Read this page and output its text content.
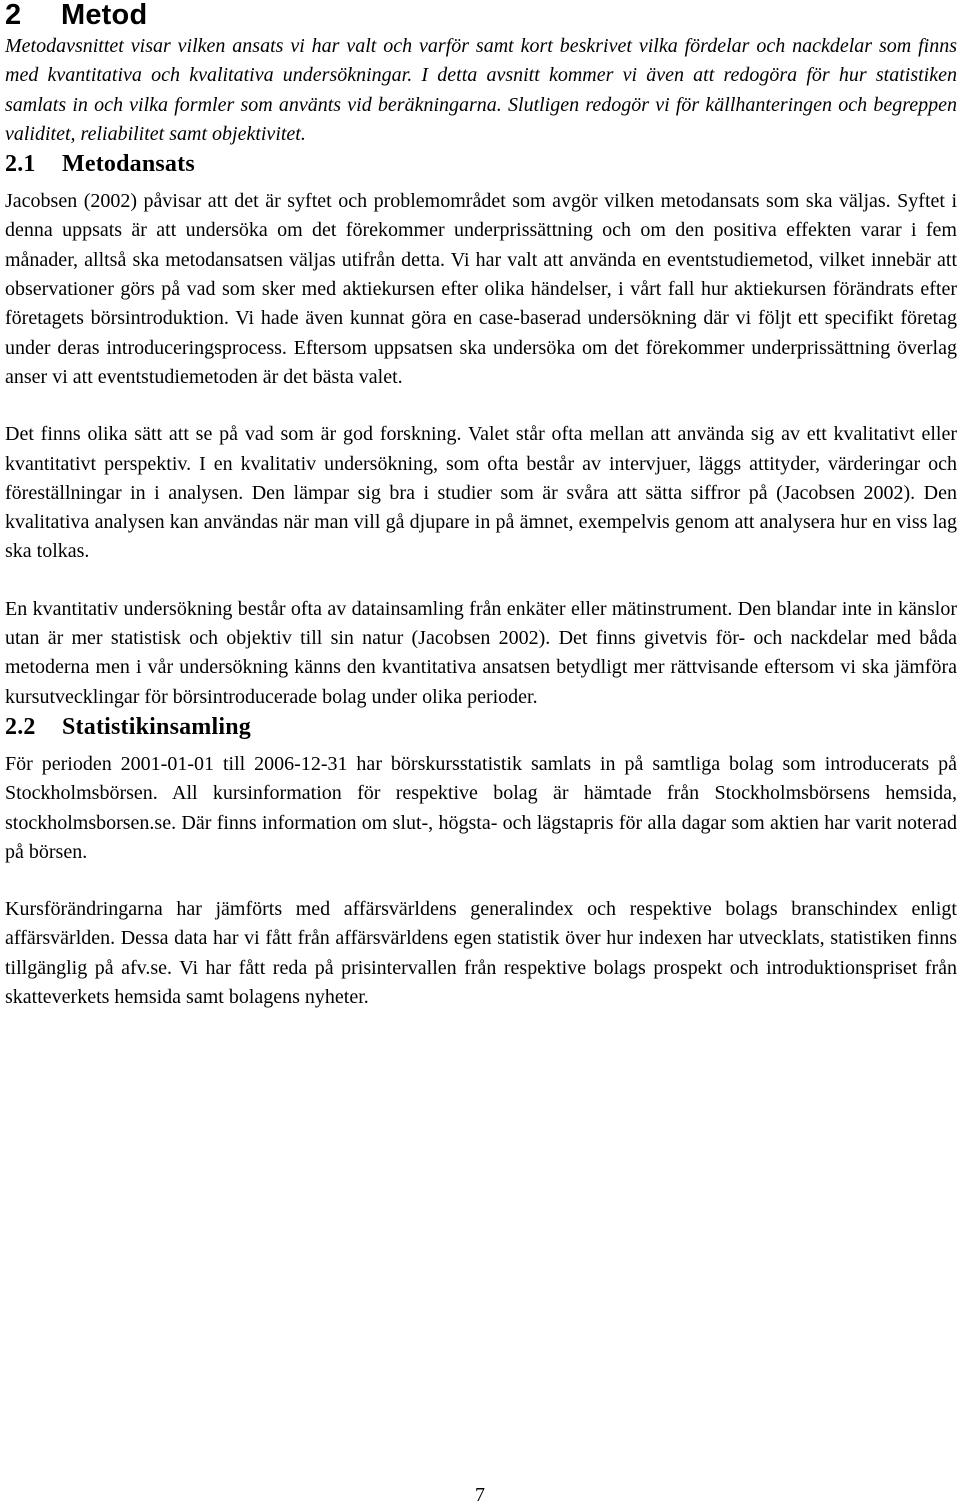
2 Metod

Metodavsnittet visar vilken ansats vi har valt och varför samt kort beskrivet vilka fördelar och nackdelar som finns med kvantitativa och kvalitativa undersökningar. I detta avsnitt kommer vi även att redogöra för hur statistiken samlats in och vilka formler som använts vid beräkningarna. Slutligen redogör vi för källhanteringen och begreppen validitet, reliabilitet samt objektivitet.

2.1 Metodansats

Jacobsen (2002) påvisar att det är syftet och problemområdet som avgör vilken metodansats som ska väljas. Syftet i denna uppsats är att undersöka om det förekommer underprissättning och om den positiva effekten varar i fem månader, alltså ska metodansatsen väljas utifrån detta. Vi har valt att använda en eventstudiemetod, vilket innebär att observationer görs på vad som sker med aktiekursen efter olika händelser, i vårt fall hur aktiekursen förändrats efter företagets börsintroduktion. Vi hade även kunnat göra en case-baserad undersökning där vi följt ett specifikt företag under deras introduceringsprocess. Eftersom uppsatsen ska undersöka om det förekommer underprissättning överlag anser vi att eventstudiemetoden är det bästa valet.

Det finns olika sätt att se på vad som är god forskning. Valet står ofta mellan att använda sig av ett kvalitativt eller kvantitativt perspektiv. I en kvalitativ undersökning, som ofta består av intervjuer, läggs attityder, värderingar och föreställningar in i analysen. Den lämpar sig bra i studier som är svåra att sätta siffror på (Jacobsen 2002). Den kvalitativa analysen kan användas när man vill gå djupare in på ämnet, exempelvis genom att analysera hur en viss lag ska tolkas.

En kvantitativ undersökning består ofta av datainsamling från enkäter eller mätinstrument. Den blandar inte in känslor utan är mer statistisk och objektiv till sin natur (Jacobsen 2002). Det finns givetvis för- och nackdelar med båda metoderna men i vår undersökning känns den kvantitativa ansatsen betydligt mer rättvisande eftersom vi ska jämföra kursutvecklingar för börsintroducerade bolag under olika perioder.

2.2 Statistikinsamling

För perioden 2001-01-01 till 2006-12-31 har börskursstatistik samlats in på samtliga bolag som introducerats på Stockholmsbörsen. All kursinformation för respektive bolag är hämtade från Stockholmsbörsens hemsida, stockholmsborsen.se. Där finns information om slut-, högsta- och lägstapris för alla dagar som aktien har varit noterad på börsen.

Kursförändringarna har jämförts med affärsvärldens generalindex och respektive bolags branschindex enligt affärsvärlden. Dessa data har vi fått från affärsvärldens egen statistik över hur indexen har utvecklats, statistiken finns tillgänglig på afv.se. Vi har fått reda på prisintervallen från respektive bolags prospekt och introduktionspriset från skatteverkets hemsida samt bolagens nyheter.

7
